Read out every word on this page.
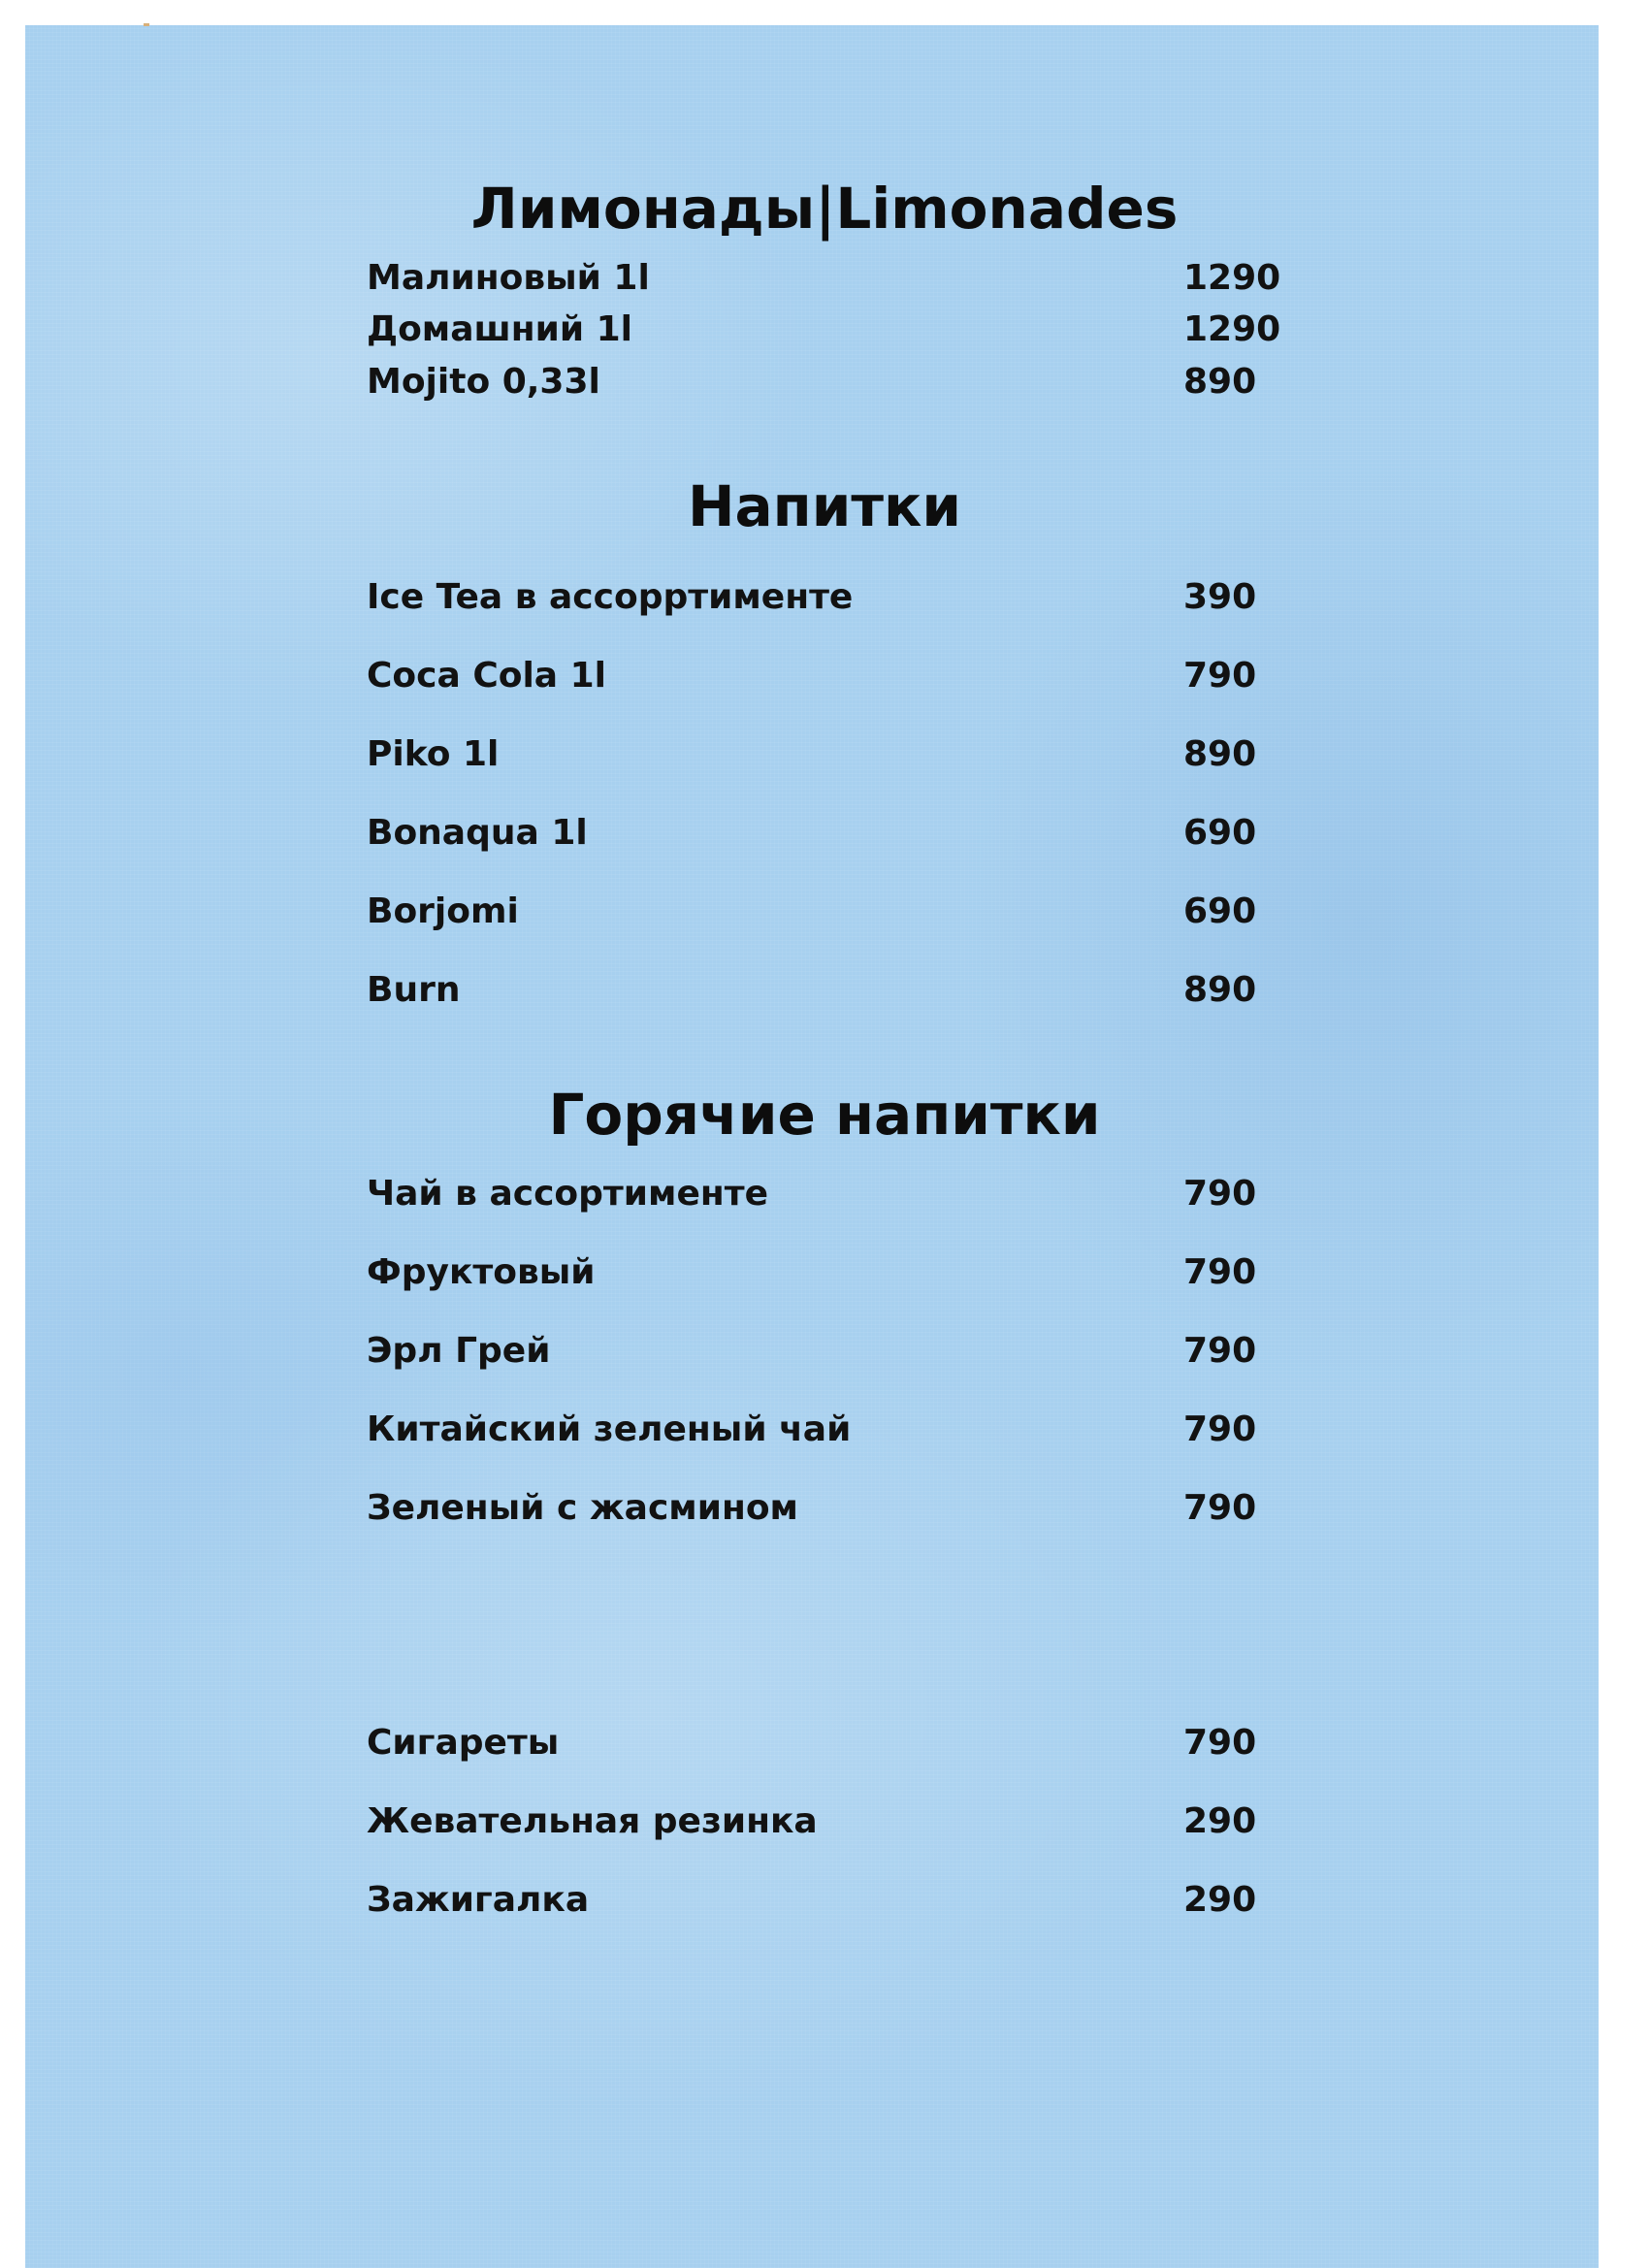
Лимонады|Limonades
Малиновый 1l	1290
Домашний 1l	1290
Mojito 0,33l	890
Напитки
Ice Tea в ассорртименте	390
Coca Cola 1l	790
Piko 1l	890
Bonaqua 1l	690
Borjomi	690
Burn	890
Горячие напитки
Чай в ассортименте	790
Фруктовый	790
Эрл Грей	790
Китайский зеленый чай	790
Зеленый с жасмином	790
Сигареты	790
Жевательная резинка	290
Зажигалка	290
